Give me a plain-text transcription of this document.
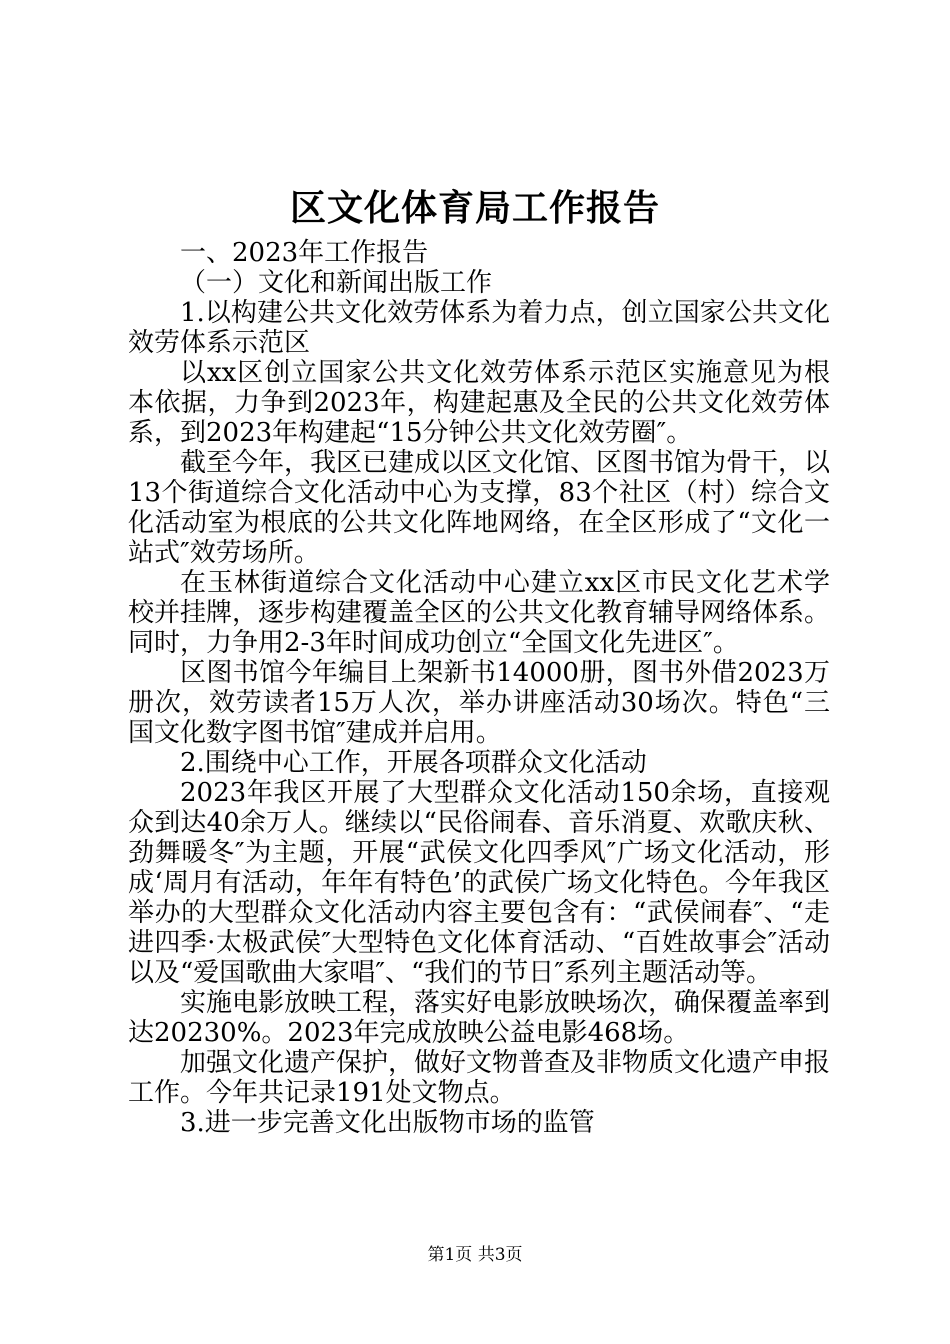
区文化体育局工作报告

一、2023年工作报告

（一）文化和新闻出版工作

1.以构建公共文化效劳体系为着力点，创立国家公共文化效劳体系示范区

以xx区创立国家公共文化效劳体系示范区实施意见为根本依据，力争到2023年，构建起惠及全民的公共文化效劳体系，到2023年构建起“15分钟公共文化效劳圈″。

截至今年，我区已建成以区文化馆、区图书馆为骨干，以13个街道综合文化活动中心为支撑，83个社区（村）综合文化活动室为根底的公共文化阵地网络，在全区形成了“文化一站式″效劳场所。

在玉林街道综合文化活动中心建立xx区市民文化艺术学校并挂牌，逐步构建覆盖全区的公共文化教育辅导网络体系。同时，力争用2-3年时间成功创立“全国文化先进区″。

区图书馆今年编目上架新书14000册，图书外借2023万册次，效劳读者15万人次，举办讲座活动30场次。特色“三国文化数字图书馆″建成并启用。

2.围绕中心工作，开展各项群众文化活动

2023年我区开展了大型群众文化活动150余场，直接观众到达40余万人。继续以“民俗闹春、音乐消夏、欢歌庆秋、劲舞暖冬″为主题，开展“武侯文化四季风″广场文化活动，形成‘周月有活动，年年有特色’的武侯广场文化特色。今年我区举办的大型群众文化活动内容主要包含有：“武侯闹春″、“走进四季·太极武侯″大型特色文化体育活动、“百姓故事会″活动以及“爱国歌曲大家唱″、“我们的节日″系列主题活动等。

实施电影放映工程，落实好电影放映场次，确保覆盖率到达20230%。2023年完成放映公益电影468场。

加强文化遗产保护，做好文物普查及非物质文化遗产申报工作。今年共记录191处文物点。

3.进一步完善文化出版物市场的监管

第1页 共3页
